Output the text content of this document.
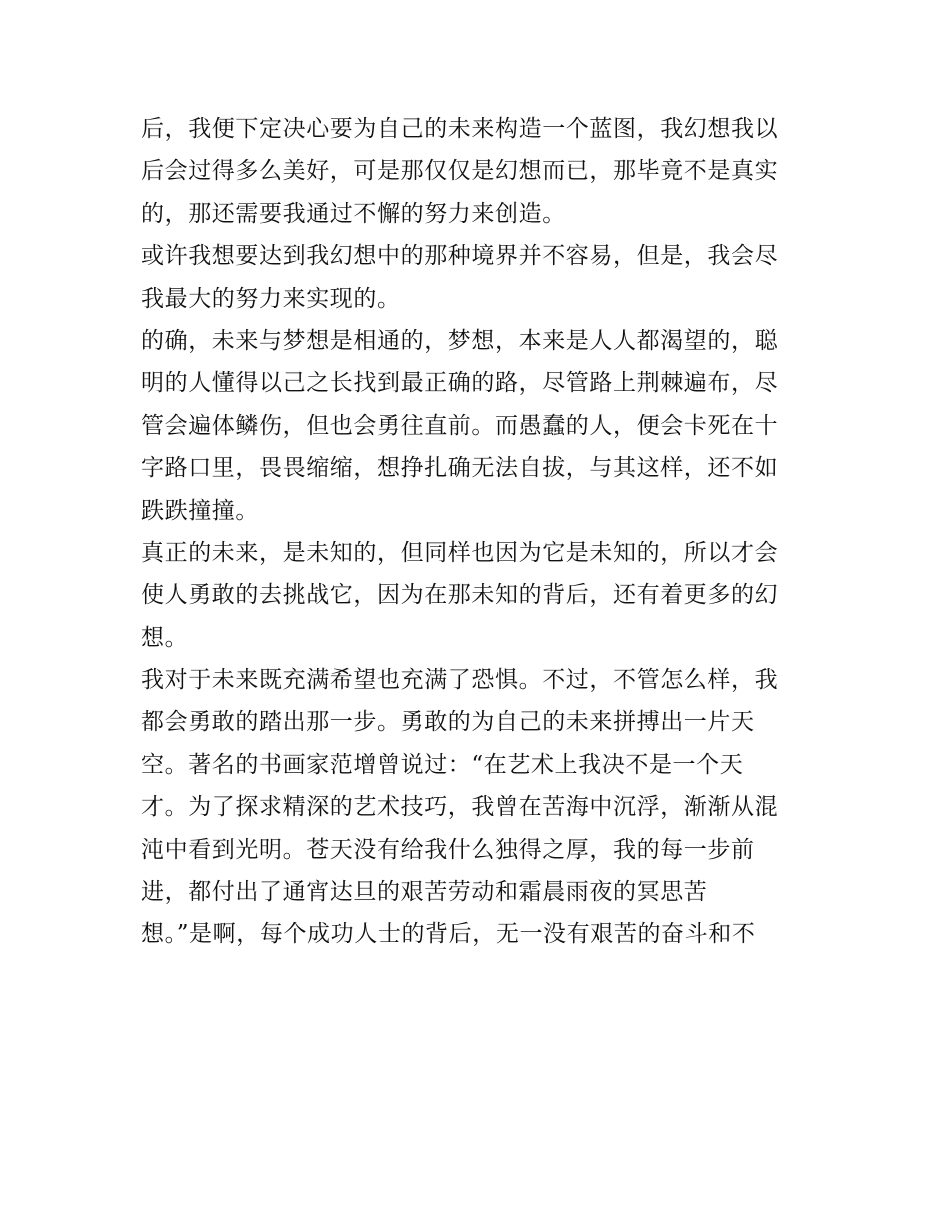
后，我便下定决心要为自己的未来构造一个蓝图，我幻想我以
后会过得多么美好，可是那仅仅是幻想而已，那毕竟不是真实
的，那还需要我通过不懈的努力来创造。
或许我想要达到我幻想中的那种境界并不容易，但是，我会尽
我最大的努力来实现的。
的确，未来与梦想是相通的，梦想，本来是人人都渴望的，聪
明的人懂得以己之长找到最正确的路，尽管路上荆棘遍布，尽
管会遍体鳞伤，但也会勇往直前。而愚蠢的人，便会卡死在十
字路口里，畏畏缩缩，想挣扎确无法自拔，与其这样，还不如
跌跌撞撞。
真正的未来，是未知的，但同样也因为它是未知的，所以才会
使人勇敢的去挑战它，因为在那未知的背后，还有着更多的幻
想。
我对于未来既充满希望也充满了恐惧。不过，不管怎么样，我
都会勇敢的踏出那一步。勇敢的为自己的未来拼搏出一片天
空。著名的书画家范增曾说过：“在艺术上我决不是一个天
才。为了探求精深的艺术技巧，我曾在苦海中沉浮，渐渐从混
沌中看到光明。苍天没有给我什么独得之厚，我的每一步前
进，都付出了通宵达旦的艰苦劳动和霜晨雨夜的冥思苦
想。”是啊，每个成功人士的背后，无一没有艰苦的奋斗和不
